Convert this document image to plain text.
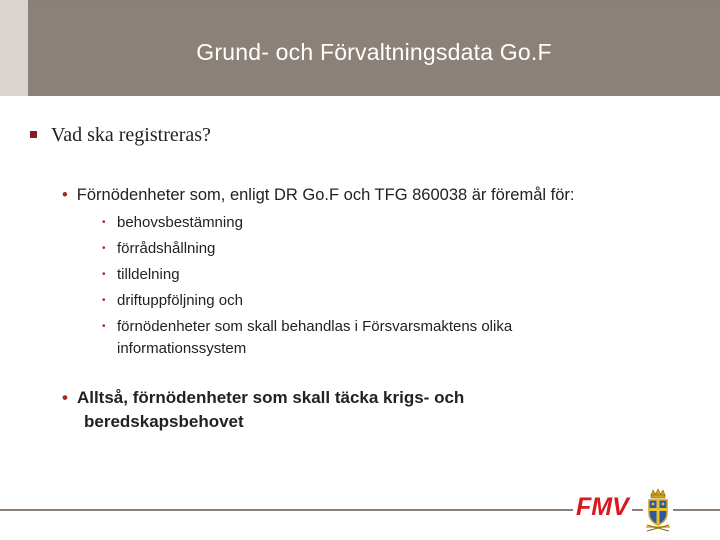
Grund- och Förvaltningsdata Go.F
Vad ska registreras?
• Förnödenheter som, enligt DR Go.F och TFG 860038 är föremål för:
• behovsbestämning
• förrådshållning
• tilldelning
• driftuppföljning och
• förnödenheter som skall behandlas i Försvarsmaktens olika informationssystem
• Alltså, förnödenheter som skall täcka krigs- och beredskapsbehovet
FMV
